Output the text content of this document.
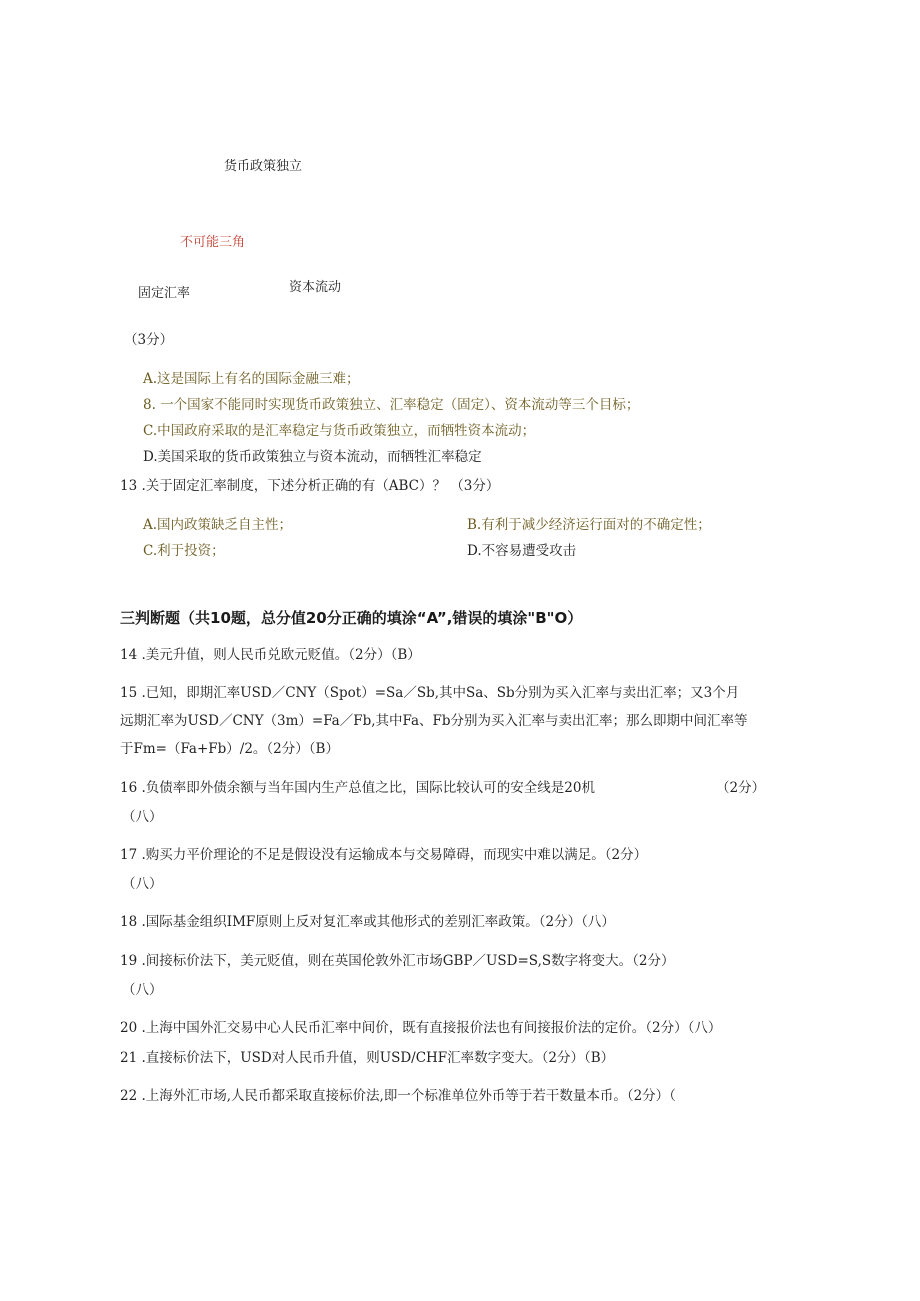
货币政策独立
不可能三角
固定汇率	资本流动
（3分）
A.这是国际上有名的国际金融三难；
8. 一个国家不能同时实现货币政策独立、汇率稳定（固定）、资本流动等三个目标；
C.中国政府采取的是汇率稳定与货币政策独立，而牺牲资本流动；
D.美国采取的货币政策独立与资本流动，而牺牲汇率稳定
13 .关于固定汇率制度，下述分析正确的有（ABC）？ （3分）
A.国内政策缺乏自主性；	B.有利于减少经济运行面对的不确定性；
C.利于投资；	D.不容易遭受攻击
三判断题（共10题，总分值20分正确的填涂“A”,错误的填涂"B"O）
14 .美元升值，则人民币兑欧元贬值。（2分）（B）
15 .已知，即期汇率USD／CNY（Spot）=Sa／Sb,其中Sa、Sb分别为买入汇率与卖出汇率；又3个月
远期汇率为USD／CNY（3m）=Fa／Fb,其中Fa、Fb分别为买入汇率与卖出汇率；那么即期中间汇率等
于Fm=（Fa+Fb）/2。（2分）（B）
16 .负债率即外债余额与当年国内生产总值之比，国际比较认可的安全线是20机	（2分）
（八）
17 .购买力平价理论的不足是假设没有运输成本与交易障碍，而现实中难以满足。（2分）
（八）
18 .国际基金组织IMF原则上反对复汇率或其他形式的差别汇率政策。（2分）（八）
19 .间接标价法下，美元贬值，则在英国伦敦外汇市场GBP／USD=S,S数字将变大。（2分）
（八）
20 .上海中国外汇交易中心人民币汇率中间价，既有直接报价法也有间接报价法的定价。（2分）（八）
21 .直接标价法下，USD对人民币升值，则USD/CHF汇率数字变大。（2分）（B）
22 .上海外汇市场,人民币都采取直接标价法,即一个标准单位外币等于若干数量本币。（2分）（
